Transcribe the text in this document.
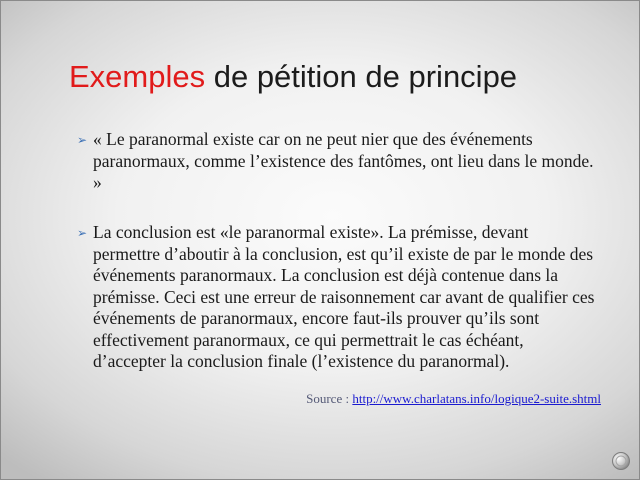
Exemples de pétition de principe
➢ « Le paranormal existe car on ne peut nier que des événements paranormaux, comme l’existence des fantômes, ont lieu dans le monde. »
➢ La conclusion est «le paranormal existe». La prémisse, devant permettre d’aboutir à la conclusion, est qu’il existe de par le monde des événements paranormaux. La conclusion est déjà contenue dans la prémisse. Ceci est une erreur de raisonnement car avant de qualifier ces événements de paranormaux, encore faut-ils prouver qu’ils sont effectivement paranormaux, ce qui permettrait le cas échéant, d’accepter la conclusion finale (l’existence du paranormal).
Source : http://www.charlatans.info/logique2-suite.shtml
